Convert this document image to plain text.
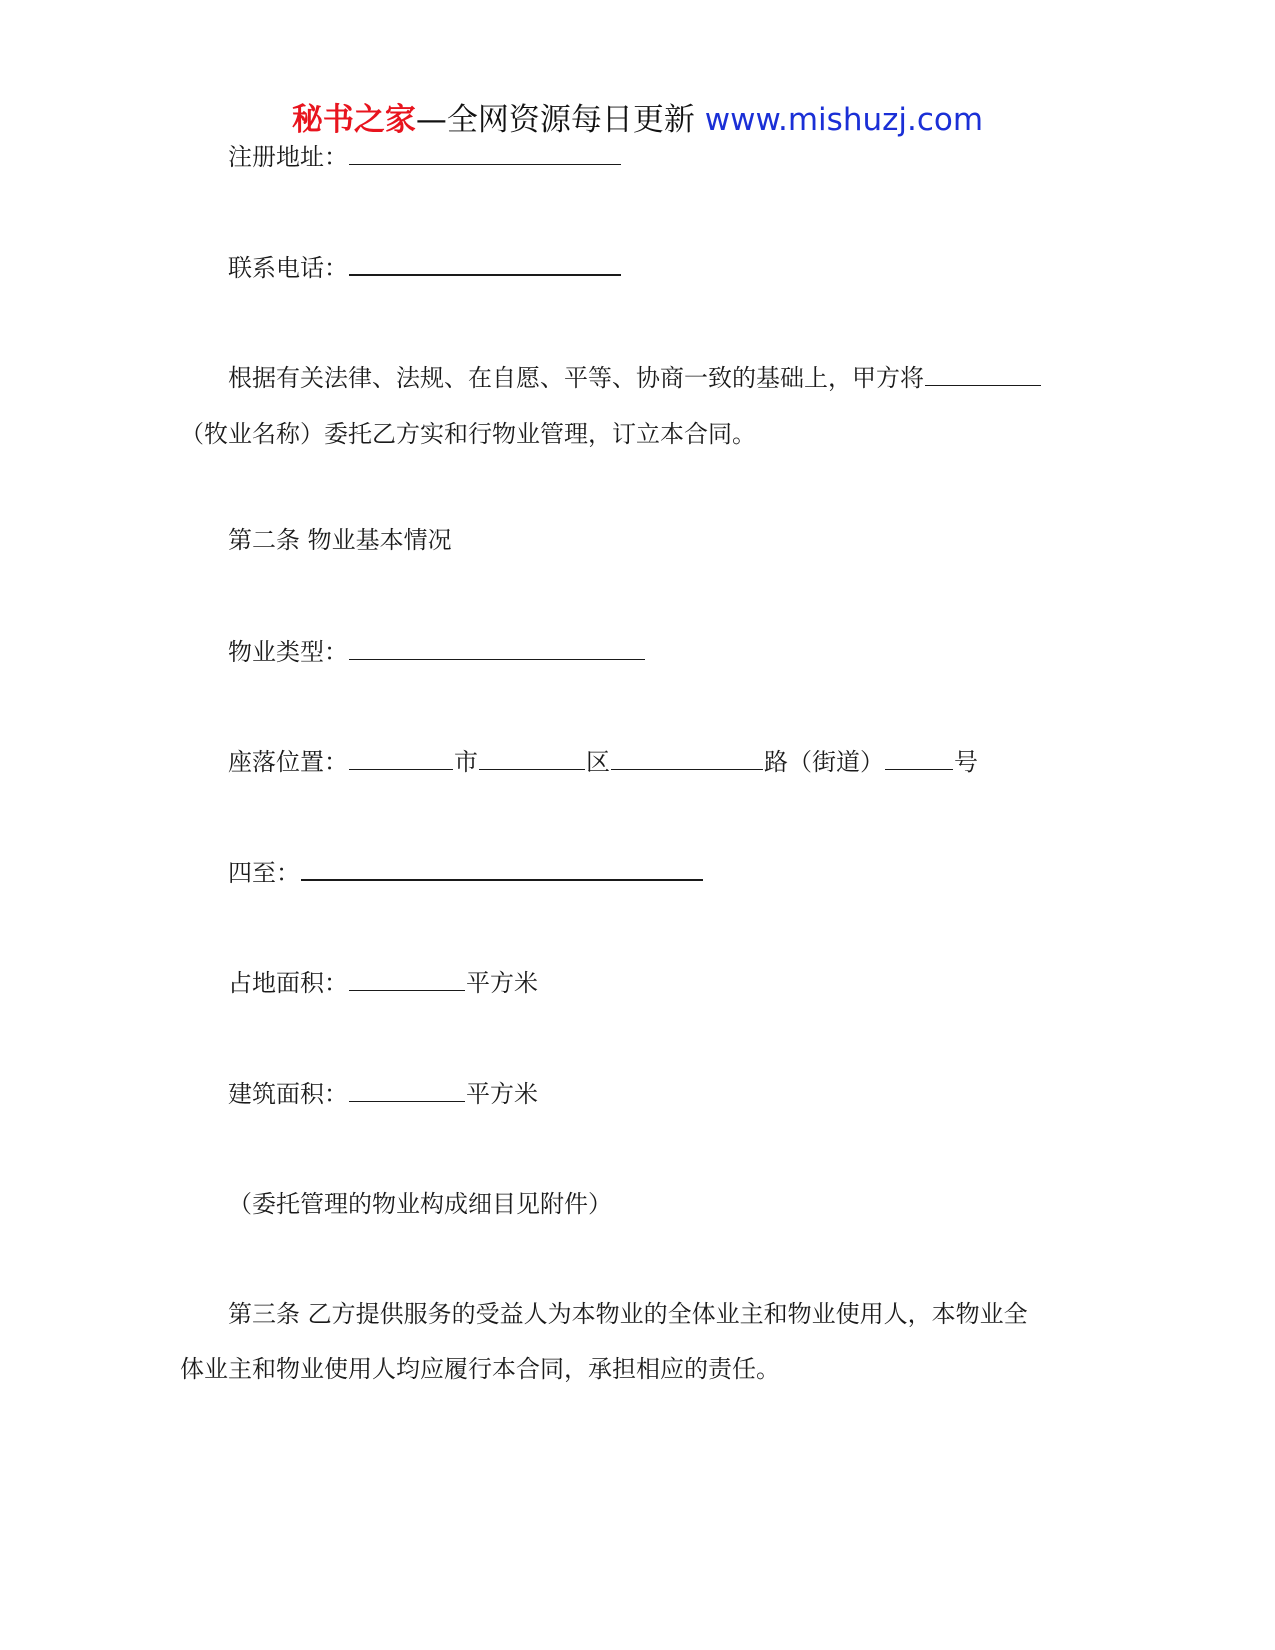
秘书之家—全网资源每日更新 www.mishuzj.com
注册地址：
联系电话：
根据有关法律、法规、在自愿、平等、协商一致的基础上，甲方将
（牧业名称）委托乙方实和行物业管理，订立本合同。
第二条 物业基本情况
物业类型：
座落位置：	市	区	路（街道）	号
四至：
占地面积：	平方米
建筑面积：	平方米
（委托管理的物业构成细目见附件）
第三条 乙方提供服务的受益人为本物业的全体业主和物业使用人，本物业全
体业主和物业使用人均应履行本合同，承担相应的责任。
